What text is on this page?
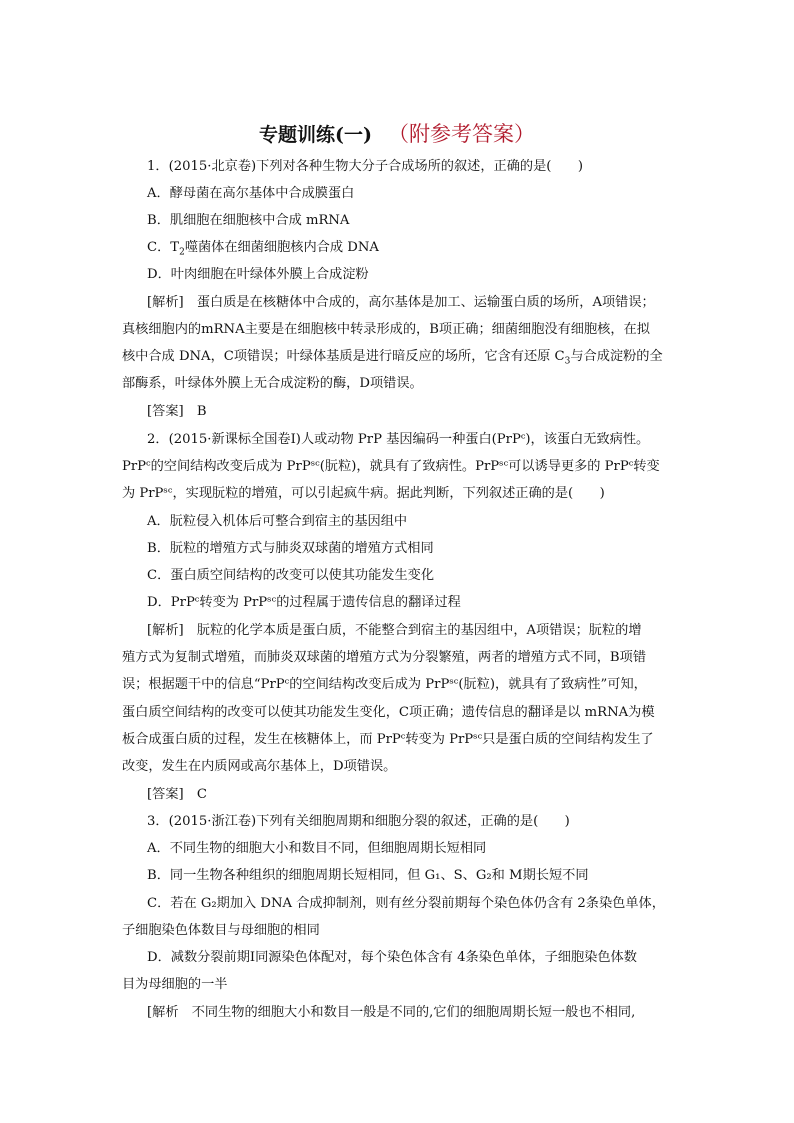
专题训练(一) （附参考答案）
1．(2015·北京卷)下列对各种生物大分子合成场所的叙述，正确的是(　　)
A．酵母菌在高尔基体中合成膜蛋白
B．肌细胞在细胞核中合成 mRNA
C．$T_2$噬菌体在细菌细胞核内合成 DNA
D．叶肉细胞在叶绿体外膜上合成淀粉
[解析]　蛋白质是在核糖体中合成的，高尔基体是加工、运输蛋白质的场所，A项错误；
真核细胞内的mRNA主要是在细胞核中转录形成的，B项正确；细菌细胞没有细胞核，在拟
核中合成 DNA，C项错误；叶绿体基质是进行暗反应的场所，它含有还原 $C_3$与合成淀粉的全
部酶系，叶绿体外膜上无合成淀粉的酶，D项错误。
[答案]　B
2．(2015·新课标全国卷Ⅰ)人或动物 PrP 基因编码一种蛋白(PrPᶜ)，该蛋白无致病性。
PrPᶜ的空间结构改变后成为 PrPˢᶜ(朊粒)，就具有了致病性。PrPˢᶜ可以诱导更多的 PrPᶜ转变
为 PrPˢᶜ，实现朊粒的增殖，可以引起疯牛病。据此判断，下列叙述正确的是(　　)
A．朊粒侵入机体后可整合到宿主的基因组中
B．朊粒的增殖方式与肺炎双球菌的增殖方式相同
C．蛋白质空间结构的改变可以使其功能发生变化
D．PrPᶜ转变为 PrPˢᶜ的过程属于遗传信息的翻译过程
[解析]　朊粒的化学本质是蛋白质，不能整合到宿主的基因组中，A项错误；朊粒的增
殖方式为复制式增殖，而肺炎双球菌的增殖方式为分裂繁殖，两者的增殖方式不同，B项错
误；根据题干中的信息“PrPᶜ的空间结构改变后成为 PrPˢᶜ(朊粒)，就具有了致病性”可知，
蛋白质空间结构的改变可以使其功能发生变化，C项正确；遗传信息的翻译是以 mRNA为模
板合成蛋白质的过程，发生在核糖体上，而 PrPᶜ转变为 PrPˢᶜ只是蛋白质的空间结构发生了
改变，发生在内质网或高尔基体上，D项错误。
[答案]　C
3．(2015·浙江卷)下列有关细胞周期和细胞分裂的叙述，正确的是(　　)
A．不同生物的细胞大小和数目不同，但细胞周期长短相同
B．同一生物各种组织的细胞周期长短相同，但 G₁、S、G₂和 M期长短不同
C．若在 G₂期加入 DNA 合成抑制剂，则有丝分裂前期每个染色体仍含有 2条染色单体，
子细胞染色体数目与母细胞的相同
D．减数分裂前期Ⅰ同源染色体配对，每个染色体含有 4条染色单体，子细胞染色体数
目为母细胞的一半
[解析　不同生物的细胞大小和数目一般是不同的,它们的细胞周期长短一般也不相同,
